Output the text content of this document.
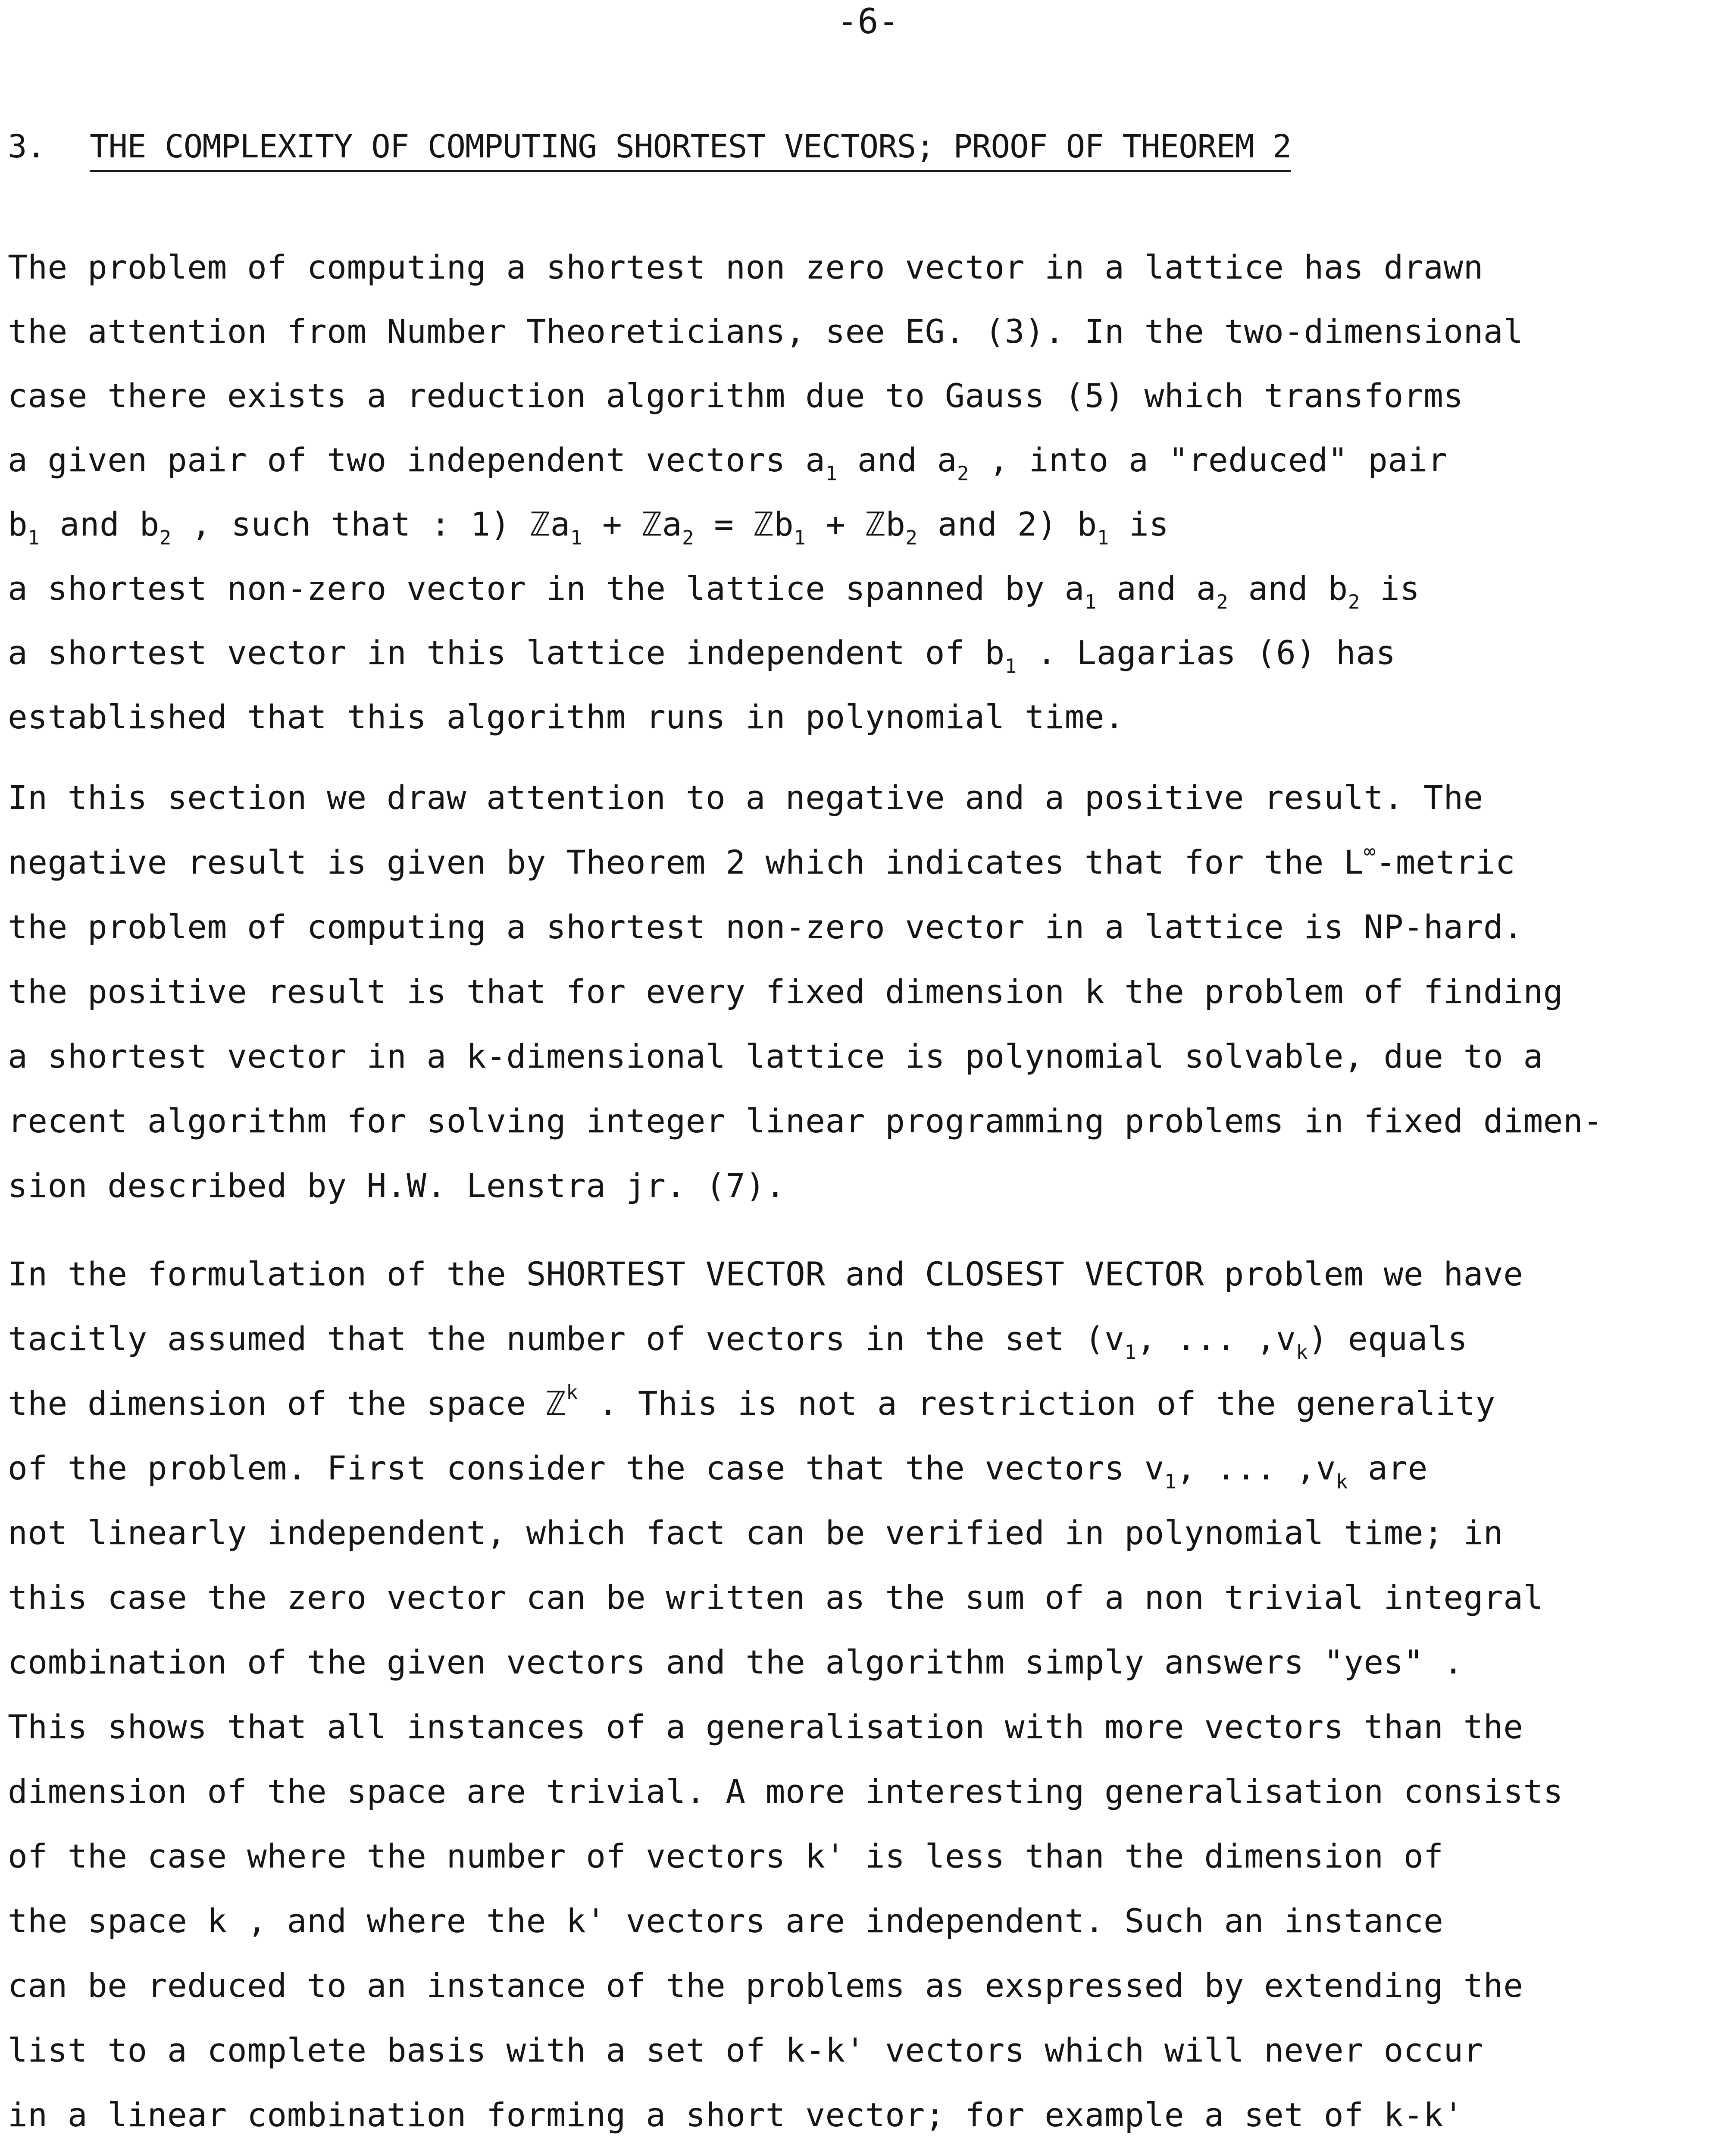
-6-
3. THE COMPLEXITY OF COMPUTING SHORTEST VECTORS; PROOF OF THEOREM 2
The problem of computing a shortest non zero vector in a lattice has drawn
the attention from Number Theoreticians, see EG. (3). In the two-dimensional
case there exists a reduction algorithm due to Gauss (5) which transforms
a given pair of two independent vectors $a_1$ and $a_2$ , into a "reduced" pair
$b_1$ and $b_2$ , such that : 1) ℤa$_1$ + ℤa$_2$ = ℤb$_1$ + ℤb$_2$ and 2) $b_1$ is
a shortest non-zero vector in the lattice spanned by $a_1$ and $a_2$ and $b_2$ is
a shortest vector in this lattice independent of $b_1$ . Lagarias (6) has
established that this algorithm runs in polynomial time.
In this section we draw attention to a negative and a positive result. The
negative result is given by Theorem 2 which indicates that for the L∞-metric
the problem of computing a shortest non-zero vector in a lattice is NP-hard.
the positive result is that for every fixed dimension k the problem of finding
a shortest vector in a k-dimensional lattice is polynomial solvable, due to a
recent algorithm for solving integer linear programming problems in fixed dimen-
sion described by H.W. Lenstra jr. (7).
In the formulation of the SHORTEST VECTOR and CLOSEST VECTOR problem we have
tacitly assumed that the number of vectors in the set ($v_1$, ... $,v_k$) equals
the dimension of the space ℤ$^k$ . This is not a restriction of the generality
of the problem. First consider the case that the vectors $v_1$, ... $,v_k$ are
not linearly independent, which fact can be verified in polynomial time; in
this case the zero vector can be written as the sum of a non trivial integral
combination of the given vectors and the algorithm simply answers "yes" .
This shows that all instances of a generalisation with more vectors than the
dimension of the space are trivial. A more interesting generalisation consists
of the case where the number of vectors k' is less than the dimension of
the space k , and where the k' vectors are independent. Such an instance
can be reduced to an instance of the problems as exspressed by extending the
list to a complete basis with a set of k-k' vectors which will never occur
in a linear combination forming a short vector; for example a set of k-k'
